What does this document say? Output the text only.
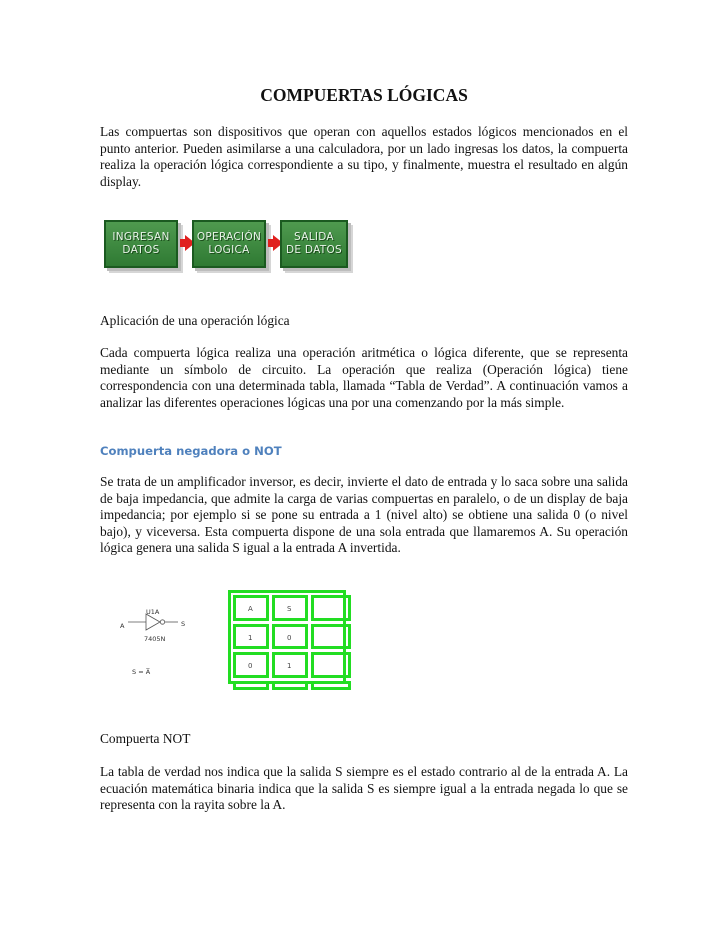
COMPUERTAS LÓGICAS

Las compuertas son dispositivos que operan con aquellos estados lógicos mencionados en el punto anterior. Pueden asimilarse a una calculadora, por un lado ingresas los datos, la compuerta realiza la operación lógica correspondiente a su tipo, y finalmente, muestra el resultado en algún display.

INGRESAN
DATOS
OPERACIÓN
LOGICA
SALIDA
DE DATOS
Aplicación de una operación lógica

Cada compuerta lógica realiza una operación aritmética o lógica diferente, que se representa mediante un símbolo de circuito. La operación que realiza (Operación lógica) tiene correspondencia con una determinada tabla, llamada “Tabla de Verdad”. A continuación vamos a analizar las diferentes operaciones lógicas una por una comenzando por la más simple.

Compuerta negadora o NOT

Se trata de un amplificador inversor, es decir, invierte el dato de entrada y lo saca sobre una salida de baja impedancia, que admite la carga de varias compuertas en paralelo, o de un display de baja impedancia; por ejemplo si se pone su entrada a 1 (nivel alto) se obtiene una salida 0 (o nivel bajo), y viceversa. Esta compuerta dispone de una sola entrada que llamaremos A. Su operación lógica genera una salida S igual a la entrada A invertida.

U1A
7405N
A	S
S = A̅
A	S
1	0
0	1
Compuerta NOT

La tabla de verdad nos indica que la salida S siempre es el estado contrario al de la entrada A. La ecuación matemática binaria indica que la salida S es siempre igual a la entrada negada lo que se representa con la rayita sobre la A.
